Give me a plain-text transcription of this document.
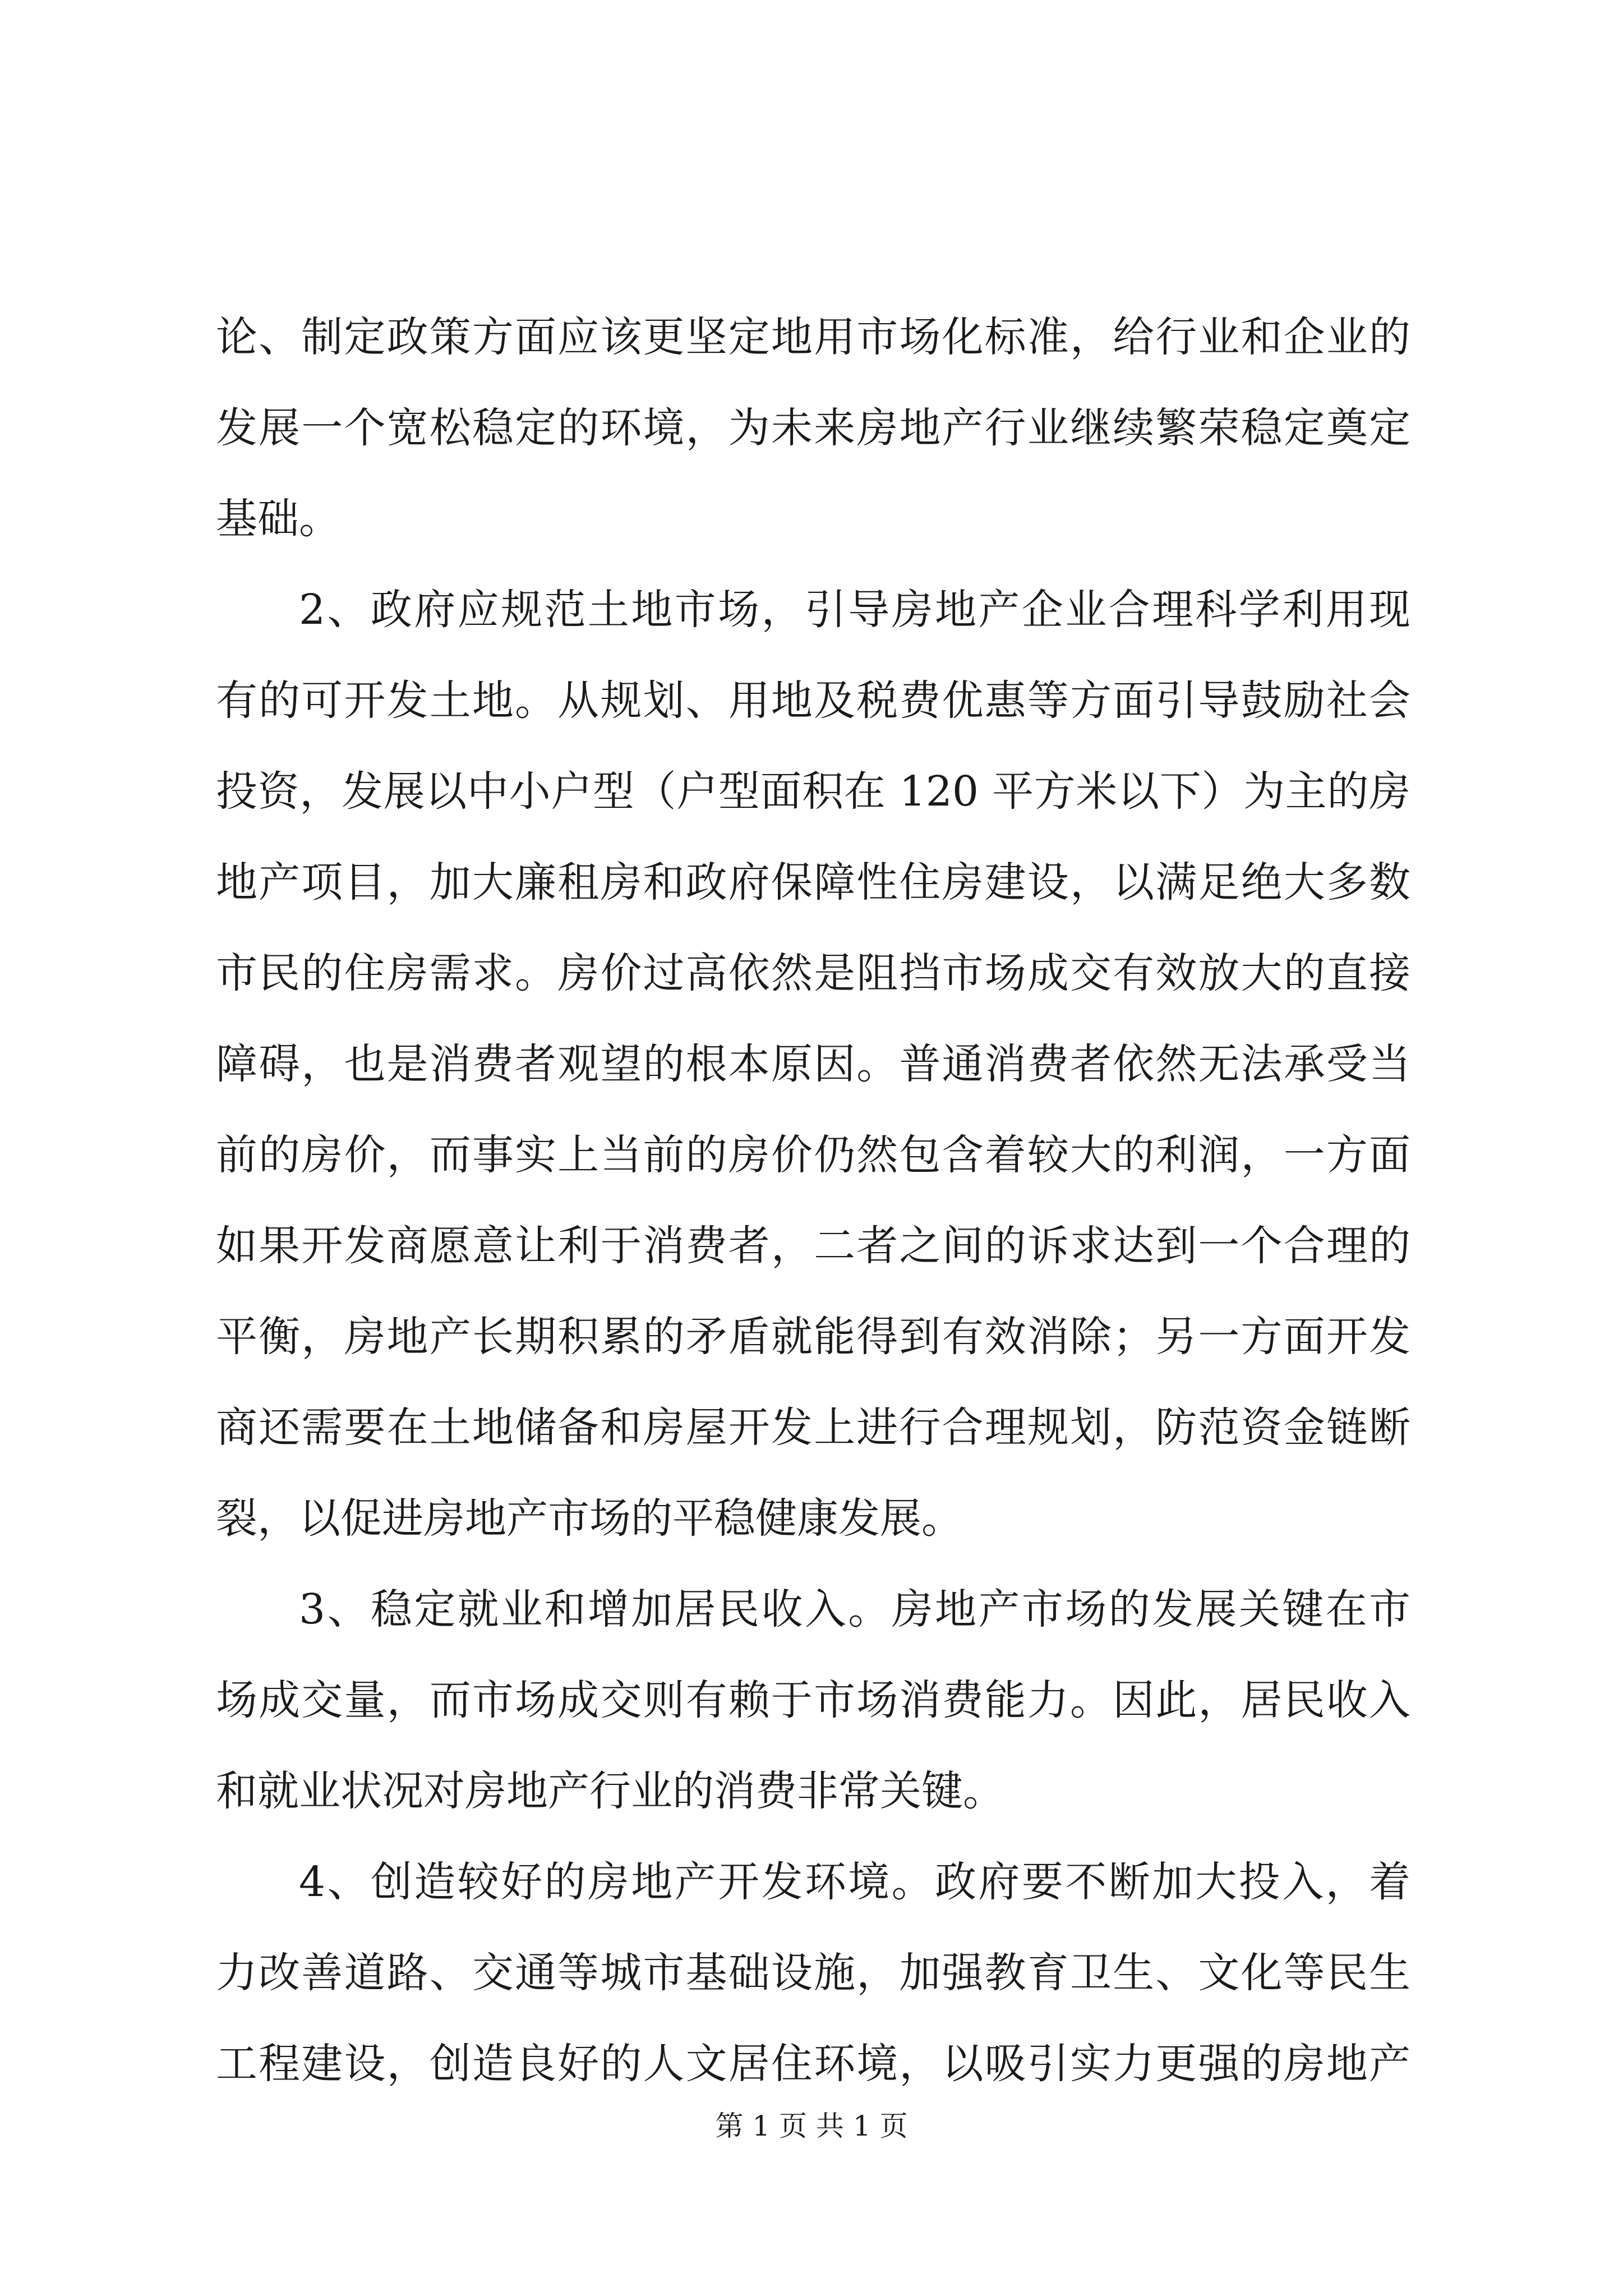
论、制定政策方面应该更坚定地用市场化标准，给行业和企业的
发展一个宽松稳定的环境，为未来房地产行业继续繁荣稳定奠定
基础。
2、政府应规范土地市场，引导房地产企业合理科学利用现
有的可开发土地。从规划、用地及税费优惠等方面引导鼓励社会
投资，发展以中小户型（户型面积在 120 平方米以下）为主的房
地产项目，加大廉租房和政府保障性住房建设，以满足绝大多数
市民的住房需求。房价过高依然是阻挡市场成交有效放大的直接
障碍，也是消费者观望的根本原因。普通消费者依然无法承受当
前的房价，而事实上当前的房价仍然包含着较大的利润，一方面
如果开发商愿意让利于消费者，二者之间的诉求达到一个合理的
平衡，房地产长期积累的矛盾就能得到有效消除；另一方面开发
商还需要在土地储备和房屋开发上进行合理规划，防范资金链断
裂，以促进房地产市场的平稳健康发展。
3、稳定就业和增加居民收入。房地产市场的发展关键在市
场成交量，而市场成交则有赖于市场消费能力。因此，居民收入
和就业状况对房地产行业的消费非常关键。
4、创造较好的房地产开发环境。政府要不断加大投入，着
力改善道路、交通等城市基础设施，加强教育卫生、文化等民生
工程建设，创造良好的人文居住环境，以吸引实力更强的房地产
第 1 页 共 1 页
